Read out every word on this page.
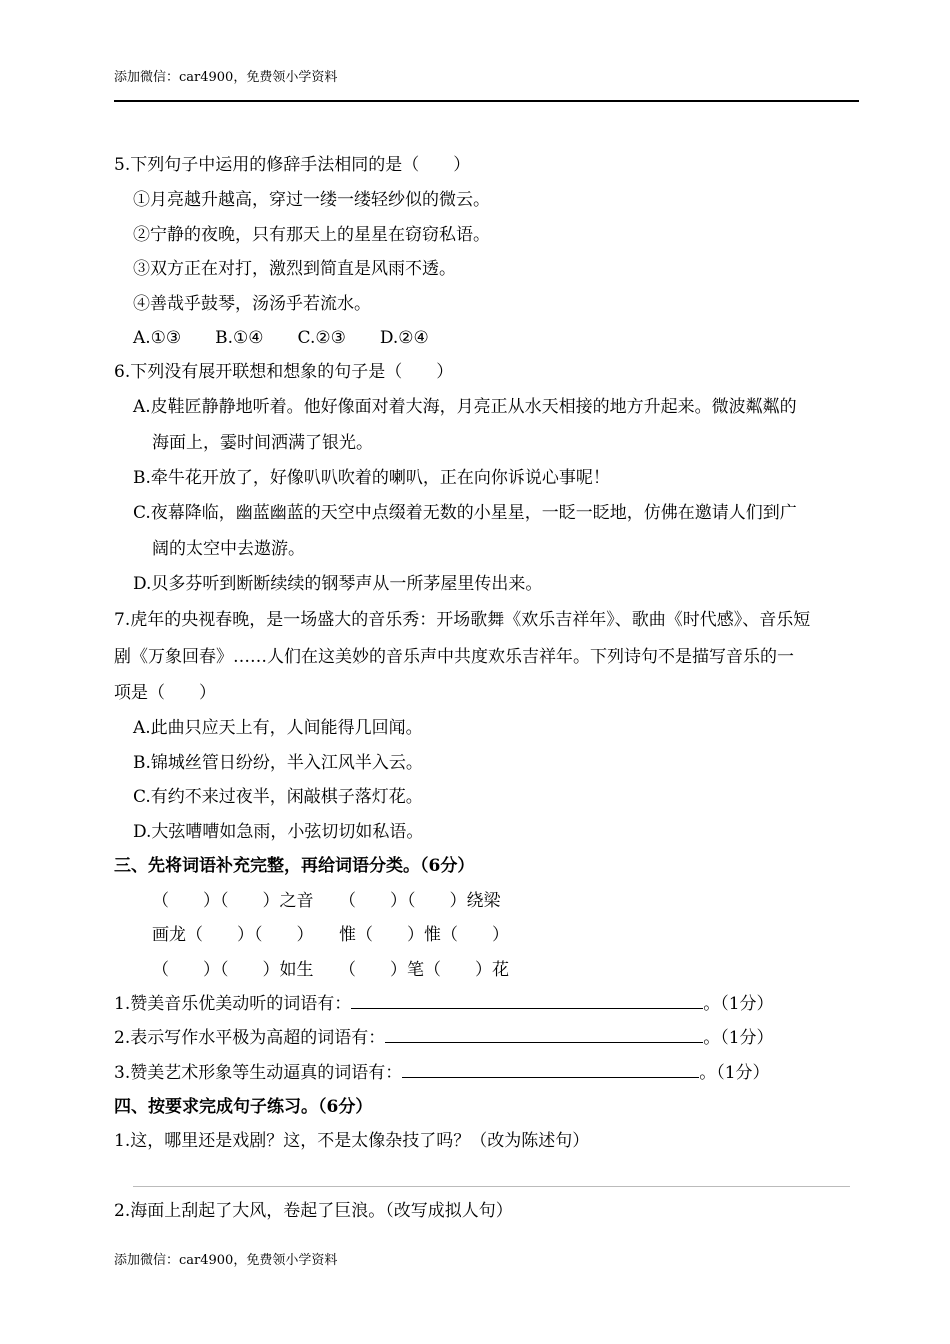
添加微信：car4900，免费领小学资料
5.下列句子中运用的修辞手法相同的是（　　）
①月亮越升越高，穿过一缕一缕轻纱似的微云。
②宁静的夜晚，只有那天上的星星在窃窃私语。
③双方正在对打，激烈到简直是风雨不透。
④善哉乎鼓琴，汤汤乎若流水。
A.①③　　B.①④　　C.②③　　D.②④
6.下列没有展开联想和想象的句子是（　　）
A.皮鞋匠静静地听着。他好像面对着大海，月亮正从水天相接的地方升起来。微波粼粼的
海面上，霎时间洒满了银光。
B.牵牛花开放了，好像叭叭吹着的喇叭，正在向你诉说心事呢！
C.夜幕降临，幽蓝幽蓝的天空中点缀着无数的小星星，一眨一眨地，仿佛在邀请人们到广
阔的太空中去遨游。
D.贝多芬听到断断续续的钢琴声从一所茅屋里传出来。
7.虎年的央视春晚，是一场盛大的音乐秀：开场歌舞《欢乐吉祥年》、歌曲《时代感》、音乐短
剧《万象回春》……人们在这美妙的音乐声中共度欢乐吉祥年。下列诗句不是描写音乐的一
项是（　　）
A.此曲只应天上有，人间能得几回闻。
B.锦城丝管日纷纷，半入江风半入云。
C.有约不来过夜半，闲敲棋子落灯花。
D.大弦嘈嘈如急雨，小弦切切如私语。
三、先将词语补充完整，再给词语分类。（6分）
（　　）（　　）之音　　（　　）（　　）绕梁
画龙（　　）（　　）　　惟（　　）惟（　　）
（　　）（　　）如生　　（　　）笔（　　）花
1.赞美音乐优美动听的词语有：	。（1分）
2.表示写作水平极为高超的词语有：	。（1分）
3.赞美艺术形象等生动逼真的词语有：	。（1分）
四、按要求完成句子练习。（6分）
1.这，哪里还是戏剧？这，不是太像杂技了吗？（改为陈述句）
2.海面上刮起了大风，卷起了巨浪。（改写成拟人句）
添加微信：car4900，免费领小学资料
